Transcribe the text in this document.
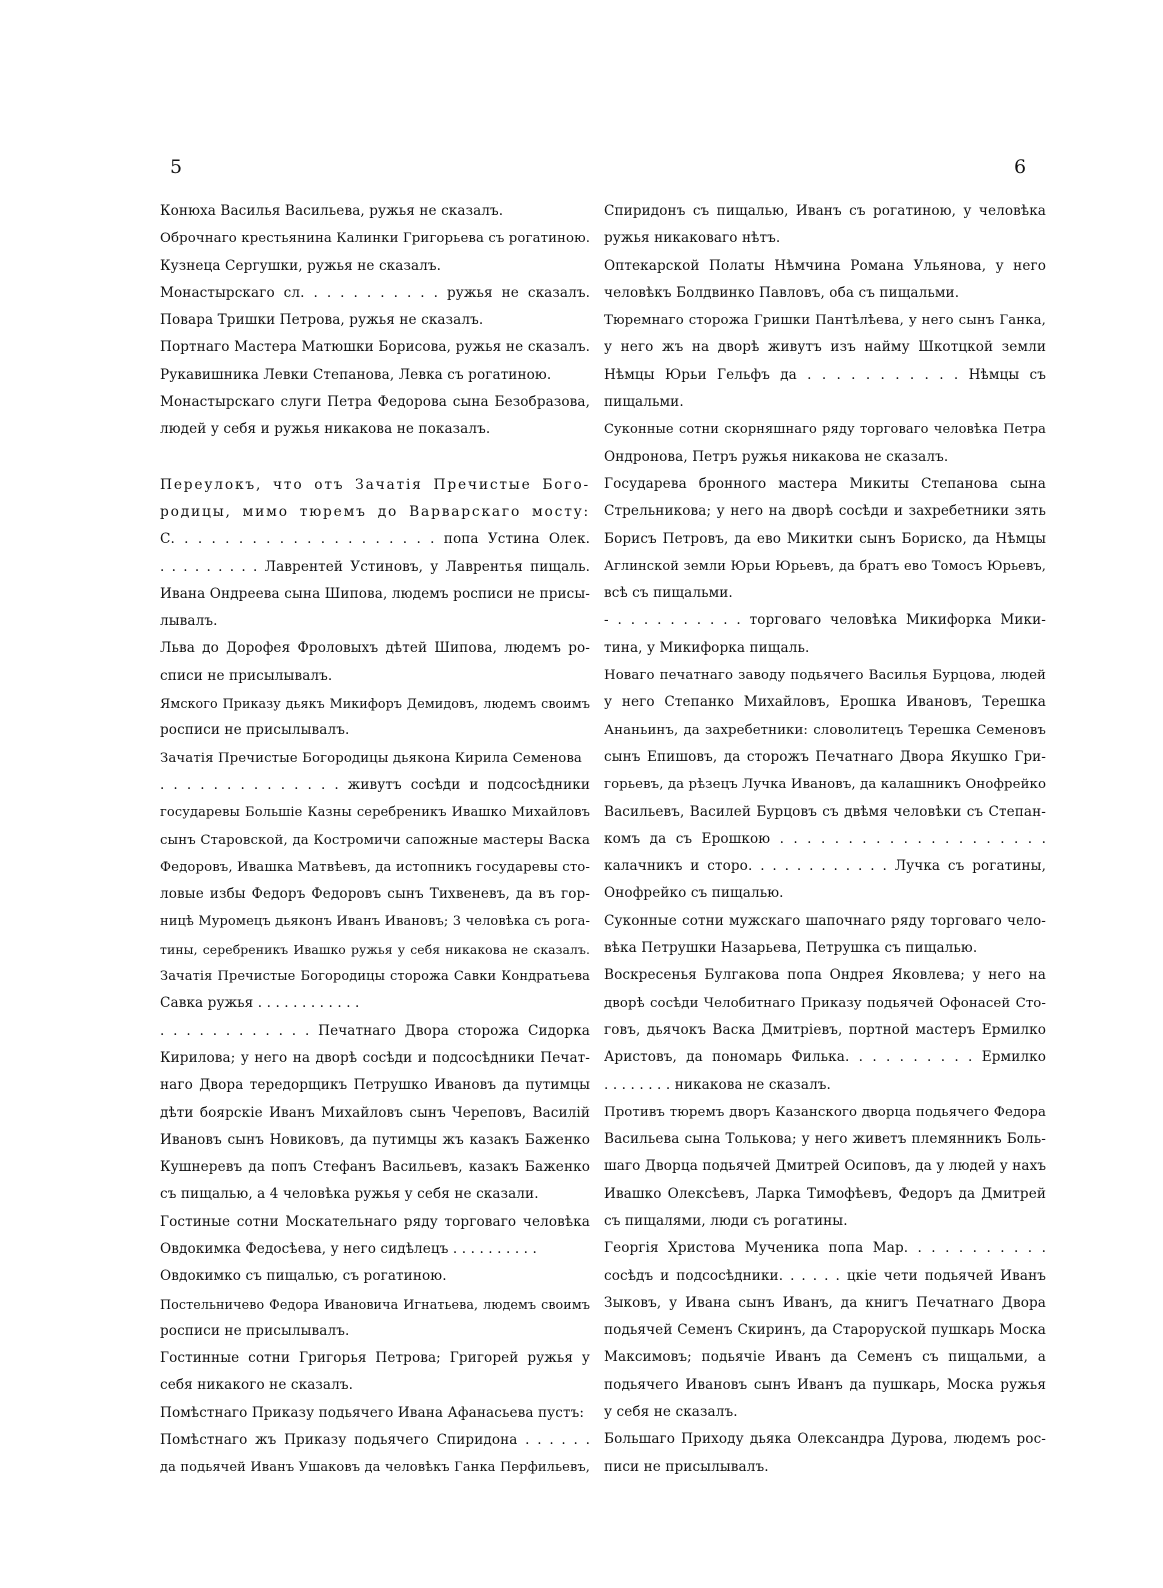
5	6
Конюха Василья Васильева, ружья не сказалъ.
Оброчнаго крестьянина Калинки Григорьева съ рогатиною.
Кузнеца Сергушки, ружья не сказалъ.
Монастырскаго сл. . . . . . . . . . . ружья не сказалъ.
Повара Тришки Петрова, ружья не сказалъ.
Портнаго Мастера Матюшки Борисова, ружья не сказалъ.
Рукавишника Левки Степанова, Левка съ рогатиною.
Монастырскаго слуги Петра Федорова сына Безобразова,
людей у себя и ружья никакова не показалъ.
Переулокъ, что отъ Зачатія Пречистые Бого-
родицы, мимо тюремъ до Варварскаго мосту:
С. . . . . . . . . . . . . . . . . . . . попа Устина Олек.
. . . . . . . . . Лаврентей Устиновъ, у Лаврентья пищаль.
Ивана Ондреева сына Шипова, людемъ росписи не присы-
лывалъ.
Льва до Дорофея Фроловыхъ дѣтей Шипова, людемъ ро-
списи не присылывалъ.
Ямского Приказу дьякъ Микифоръ Демидовъ, людемъ своимъ
росписи не присылывалъ.
Зачатія Пречистые Богородицы дьякона Кирила Семенова
. . . . . . . . . . . . . . живутъ сосѣди и подсосѣдники
государевы Большіе Казны серебреникъ Ивашко Михайловъ
сынъ Старовской, да Костромичи сапожные мастеры Васка
Федоровъ, Ивашка Матвѣевъ, да истопникъ государевы сто-
ловые избы Федоръ Федоровъ сынъ Тихвеневъ, да въ гор-
ницѣ Муромецъ дьяконъ Иванъ Ивановъ; 3 человѣка съ рога-
тины, серебреникъ Ивашко ружья у себя никакова не сказалъ.
Зачатія Пречистые Богородицы сторожа Савки Кондратьева
Савка ружья . . . . . . . . . . . .
. . . . . . . . . . . . Печатнаго Двора сторожа Сидорка
Кирилова; у него на дворѣ сосѣди и подсосѣдники Печат-
наго Двора тередорщикъ Петрушко Ивановъ да путимцы
дѣти боярскіе Иванъ Михайловъ сынъ Череповъ, Василій
Ивановъ сынъ Новиковъ, да путимцы жъ казакъ Баженко
Кушнеревъ да попъ Стефанъ Васильевъ, казакъ Баженко
съ пищалью, а 4 человѣка ружья у себя не сказали.
Гостиные сотни Москательнаго ряду торговаго человѣка
Овдокимка Федосѣева, у него сидѣлецъ . . . . . . . . . .
Овдокимко съ пищалью, съ рогатиною.
Постельничево Федора Ивановича Игнатьева, людемъ своимъ
росписи не присылывалъ.
Гостинные сотни Григорья Петрова; Григорей ружья у
себя никакого не сказалъ.
Помѣстнаго Приказу подьячего Ивана Афанасьева пустъ:
Помѣстнаго жъ Приказу подьячего Спиридона . . . . . .
да подьячей Иванъ Ушаковъ да человѣкъ Ганка Перфильевъ,
Спиридонъ съ пищалью, Иванъ съ рогатиною, у человѣка
ружья никаковаго нѣтъ.
Оптекарской Полаты Нѣмчина Романа Ульянова, у него
человѣкъ Болдвинко Павловъ, оба съ пищальми.
Тюремнаго сторожа Гришки Пантѣлѣева, у него сынъ Ганка,
у него жъ на дворѣ живутъ изъ найму Шкотцкой земли
Нѣмцы Юрьи Гельфъ да . . . . . . . . . . . Нѣмцы съ
пищальми.
Суконные сотни скорняшнаго ряду торговаго человѣка Петра
Ондронова, Петръ ружья никакова не сказалъ.
Государева бронного мастера Микиты Степанова сына
Стрельникова; у него на дворѣ сосѣди и захребетники зять
Борисъ Петровъ, да ево Микитки сынъ Бориско, да Нѣмцы
Аглинской земли Юрьи Юрьевъ, да братъ ево Томосъ Юрьевъ,
всѣ съ пищальми.
- . . . . . . . . . . торговаго человѣка Микифорка Мики-
тина, у Микифорка пищаль.
Новаго печатнаго заводу подьячего Василья Бурцова, людей
у него Степанко Михайловъ, Ерошка Ивановъ, Терешка
Ананьинъ, да захребетники: словолитецъ Терешка Семеновъ
сынъ Епишовъ, да сторожъ Печатнаго Двора Якушко Гри-
горьевъ, да рѣзецъ Лучка Ивановъ, да калашникъ Онофрейко
Васильевъ, Василей Бурцовъ съ двѣмя человѣки съ Степан-
комъ да съ Ерошкою . . . . . . . . . . . . . . . . . . . .
калачникъ и сторо. . . . . . . . . . . . Лучка съ рогатины,
Онофрейко съ пищалью.
Суконные сотни мужскаго шапочнаго ряду торговаго чело-
вѣка Петрушки Назарьева, Петрушка съ пищалью.
Воскресенья Булгакова попа Ондрея Яковлева; у него на
дворѣ сосѣди Челобитнаго Приказу подьячей Офонасей Сто-
говъ, дьячокъ Васка Дмитріевъ, портной мастеръ Ермилко
Аристовъ, да пономарь Филька. . . . . . . . . . Ермилко
. . . . . . . . никакова не сказалъ.
Противъ тюремъ дворъ Казанского дворца подьячего Федора
Васильева сына Толькова; у него живетъ племянникъ Боль-
шаго Дворца подьячей Дмитрей Осиповъ, да у людей у нахъ
Ивашко Олексѣевъ, Ларка Тимофѣевъ, Федоръ да Дмитрей
съ пищалями, люди съ рогатины.
Георгія Христова Мученика попа Мар. . . . . . . . . . .
сосѣдъ и подсосѣдники. . . . . . цкіе чети подьячей Иванъ
Зыковъ, у Ивана сынъ Иванъ, да книгъ Печатнаго Двора
подьячей Семенъ Скиринъ, да Староруской пушкарь Моска
Максимовъ; подьячіе Иванъ да Семенъ съ пищальми, а
подьячего Ивановъ сынъ Иванъ да пушкарь, Моска ружья
у себя не сказалъ.
Большаго Приходу дьяка Олександра Дурова, людемъ рос-
писи не присылывалъ.
